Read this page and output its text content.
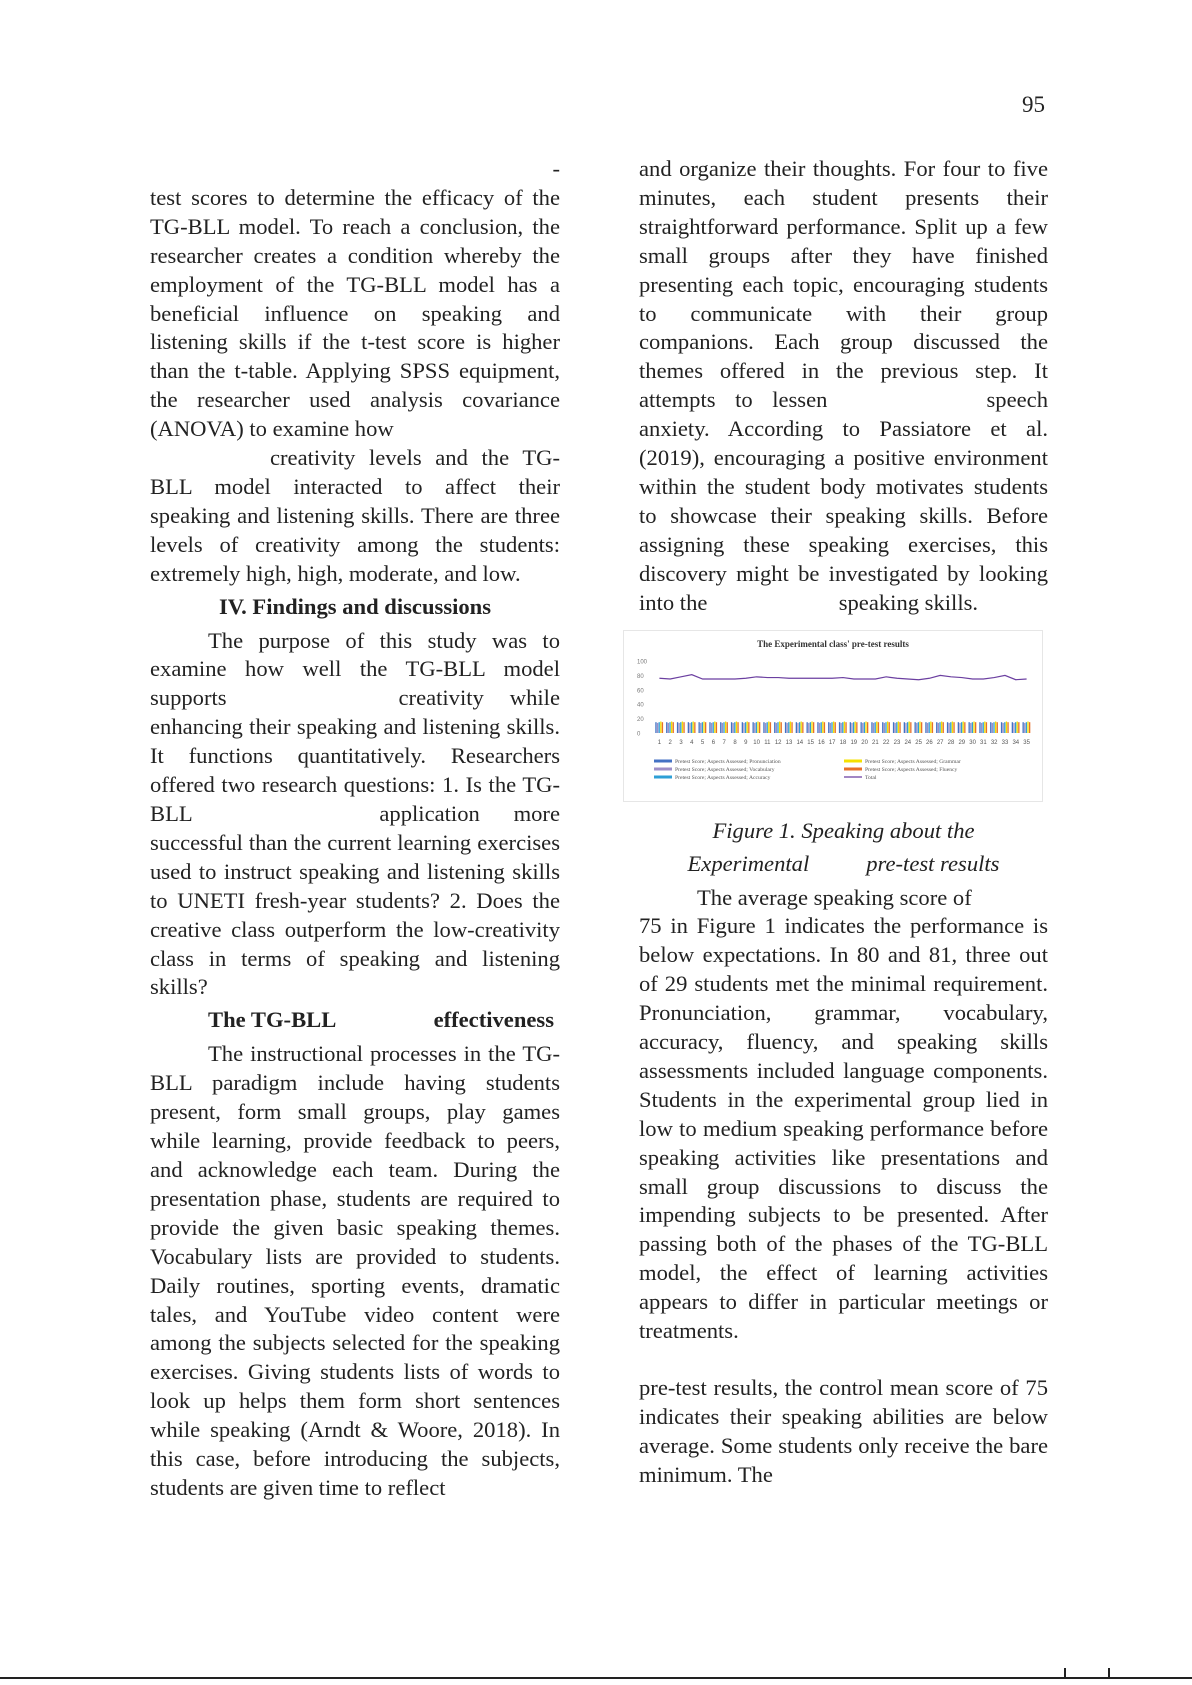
95

-

test scores to determine the efficacy of the TG-BLL model. To reach a conclusion, the researcher creates a condition whereby the employment of the TG-BLL model has a beneficial influence on speaking and listening skills if the t-test score is higher than the t-table. Applying SPSS equipment, the researcher used analysis covariance (ANOVA) to examine how

creativity levels and the TG-BLL model interacted to affect their speaking and listening skills. There are three levels of creativity among the students: extremely high, high, moderate, and low.

IV. Findings and discussions

The purpose of this study was to examine how well the TG-BLL model supports	creativity while enhancing their speaking and listening skills. It functions quantitatively. Researchers offered two research questions: 1. Is the TG-BLL	application more successful than the current learning exercises used to instruct speaking and listening skills to UNETI fresh-year students? 2. Does the creative class outperform the low-creativity class in terms of speaking and listening skills?

The TG-BLL	effectiveness

The instructional processes in the TG-BLL paradigm include having students present, form small groups, play games while learning, provide feedback to peers, and acknowledge each team. During the presentation phase, students are required to provide the given basic speaking themes. Vocabulary lists are provided to students. Daily routines, sporting events, dramatic tales, and YouTube video content were among the subjects selected for the speaking exercises. Giving students lists of words to look up helps them form short sentences while speaking (Arndt & Woore, 2018). In this case, before introducing the subjects, students are given time to reflect

and organize their thoughts. For four to five minutes, each student presents their straightforward performance. Split up a few small groups after they have finished presenting each topic, encouraging students to communicate with their group companions. Each group discussed the themes offered in the previous step. It attempts to lessen	speech anxiety. According to Passiatore et al. (2019), encouraging a positive environment within the student body motivates students to showcase their speaking skills. Before assigning these speaking exercises, this discovery might be investigated by looking into the	speaking skills.

The Experimental class' pre-test results
0
20
40
60
80
100
1 2 3 4 5 6 7 8 9 10 11 12 13 14 15 16 17 18 19 20 21 22 23 24 25 26 27 28 29 30 31 32 33 34 35
Pretest Score; Aspects Assessed; Pronunciation
Pretest Score; Aspects Assessed; Vocabulary
Pretest Score; Aspects Assessed; Accuracy
Pretest Score; Aspects Assessed; Grammar
Pretest Score; Aspects Assessed; Fluency
Total
Figure 1. Speaking about the
Experimental	pre-test results

The average speaking score of
75 in Figure 1 indicates the performance is below expectations. In 80 and 81, three out of 29 students met the minimal requirement. Pronunciation, grammar, vocabulary, accuracy, fluency, and speaking skills assessments included language components. Students in the experimental group lied in low to medium speaking performance before speaking activities like presentations and small group discussions to discuss the impending subjects to be presented. After passing both of the phases of the TG-BLL model, the effect of learning activities appears to differ in particular meetings or treatments.

pre-test results, the control mean score of 75 indicates their speaking abilities are below average. Some students only receive the bare minimum. The
